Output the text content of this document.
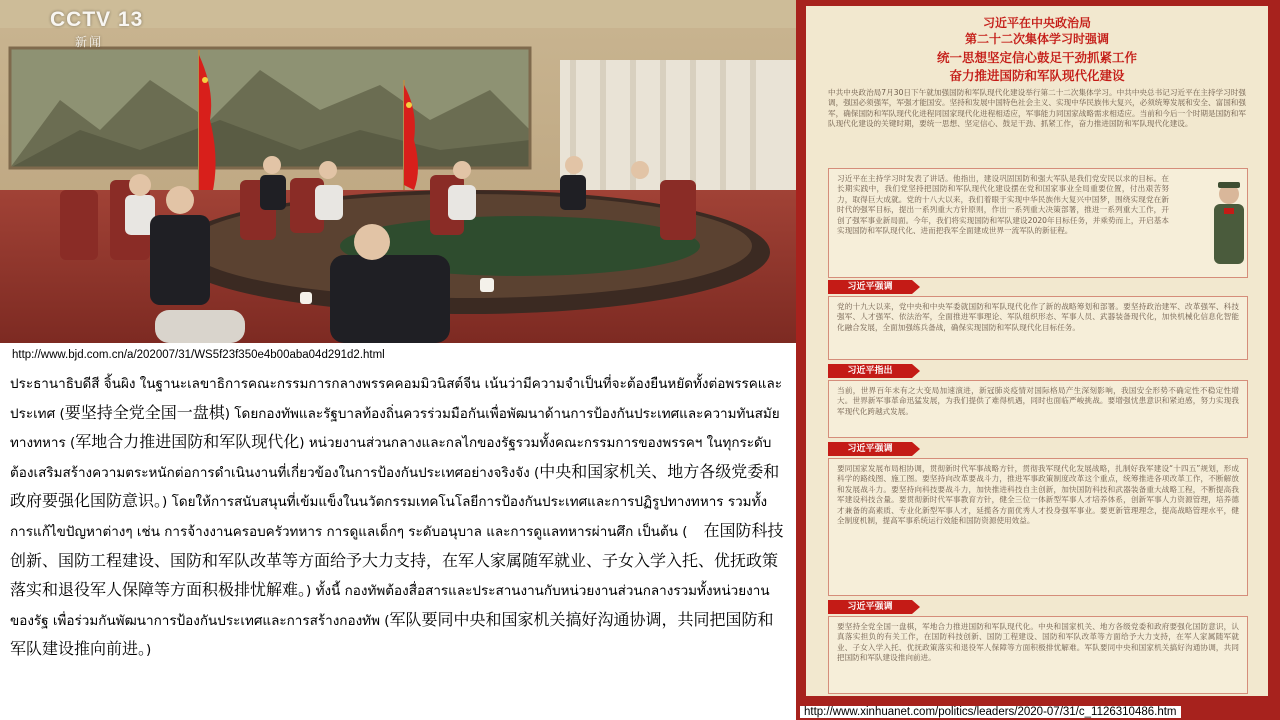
CCTV 13
新闻
http://www.bjd.com.cn/a/202007/31/WS5f23f350e4b00aba04d291d2.html
ประธานาธิบดีสี จิ้นผิง ในฐานะเลขาธิการคณะกรรมการกลางพรรคคอมมิวนิสต์จีน เน้นว่ามีความจำเป็นที่จะต้องยืนหยัดทั้งต่อพรรคและประเทศ (要坚持全党全国一盘棋) โดยกองทัพและรัฐบาลท้องถิ่นควรร่วมมือกันเพื่อพัฒนาด้านการป้องกันประเทศและความทันสมัยทางทหาร (军地合力推进国防和军队现代化) หน่วยงานส่วนกลางและกลไกของรัฐรวมทั้งคณะกรรมการของพรรคฯ ในทุกระดับต้องเสริมสร้างความตระหนักต่อการดำเนินงานที่เกี่ยวข้องในการป้องกันประเทศอย่างจริงจัง (中央和国家机关、地方各级党委和政府要强化国防意识。) โดยให้การสนับสนุนที่เข้มแข็งในนวัตกรรมเทคโนโลยีการป้องกันประเทศและการปฏิรูปทางทหาร รวมทั้งการแก้ไขปัญหาต่างๆ เช่น การจ้างงานครอบครัวทหาร การดูแลเด็กๆ ระดับอนุบาล และการดูแลทหารผ่านศึก เป็นต้น (　在国防科技创新、国防工程建设、国防和军队改革等方面给予大力支持，在军人家属随军就业、子女入学入托、优抚政策落实和退役军人保障等方面积极排忧解难。) ทั้งนี้ กองทัพต้องสื่อสารและประสานงานกับหน่วยงานส่วนกลางรวมทั้งหน่วยงานของรัฐ เพื่อร่วมกันพัฒนาการป้องกันประเทศและการสร้างกองทัพ (军队要同中央和国家机关搞好沟通协调，共同把国防和军队建设推向前进。)
习近平在中央政治局
第二十二次集体学习时强调
统一思想坚定信心鼓足干劲抓紧工作
奋力推进国防和军队现代化建设
中共中央政治局7月30日下午就加强国防和军队现代化建设举行第二十二次集体学习。中共中央总书记习近平在主持学习时强调，强国必须强军，军强才能国安。坚持和发展中国特色社会主义、实现中华民族伟大复兴，必须统筹发展和安全、富国和强军，确保国防和军队现代化进程同国家现代化进程相适应，军事能力同国家战略需求相适应。当前和今后一个时期是国防和军队现代化建设的关键时期，要统一思想、坚定信心、鼓足干劲、抓紧工作，奋力推进国防和军队现代化建设。
习近平在主持学习时发表了讲话。他指出，建设巩固国防和强大军队是我们党安民以求的目标。在长期实践中，我们党坚持把国防和军队现代化建设摆在党和国家事业全局重要位置，付出艰苦努力，取得巨大成就。党的十八大以来，我们着眼于实现中华民族伟大复兴中国梦，围绕实现党在新时代的强军目标，提出一系列重大方针原则，作出一系列重大决策部署，推进一系列重大工作，开创了强军事业新局面。今年，我们将实现国防和军队建设2020年目标任务，并乘势而上，开启基本实现国防和军队现代化、进而把我军全面建成世界一流军队的新征程。
习近平强调
党的十九大以来，党中央和中央军委就国防和军队现代化作了新的战略筹划和部署。要坚持政治建军、改革强军、科技强军、人才强军、依法治军，全面推进军事理论、军队组织形态、军事人员、武器装备现代化，加快机械化信息化智能化融合发展，全面加强练兵备战，确保实现国防和军队现代化目标任务。
习近平指出
当前，世界百年未有之大变局加速演进，新冠肺炎疫情对国际格局产生深刻影响，我国安全形势不确定性不稳定性增大。世界新军事革命迅猛发展，为我们提供了难得机遇，同时也面临严峻挑战。要增强忧患意识和紧迫感，努力实现我军现代化跨越式发展。
习近平强调
要同国家发展布局相协调，贯彻新时代军事战略方针，贯彻我军现代化发展战略，扎制好我军建设“十四五”规划，形成科学的路线图、施工图。要坚持向改革要战斗力，推进军事政策制度改革这个重点，统筹推进各项改革工作，不断解放和发展战斗力。要坚持向科技要战斗力，加快推进科技自主创新，加快国防科技和武器装备重大战略工程，不断提高我军建设科技含量。要贯彻新时代军事教育方针，健全三位一体新型军事人才培养体系，创新军事人力资源管理，培养德才兼备的高素质、专业化新型军事人才，延揽各方面优秀人才投身强军事业。要更新管理理念，提高战略管理水平，健全制度机制，提高军事系统运行效能和国防资源使用效益。
习近平强调
要坚持全党全国一盘棋，军地合力推进国防和军队现代化。中央和国家机关、地方各级党委和政府要强化国防意识，认真落实担负的有关工作，在国防科技创新、国防工程建设、国防和军队改革等方面给予大力支持，在军人家属随军就业、子女入学入托、优抚政策落实和退役军人保障等方面积极排忧解难。军队要同中央和国家机关搞好沟通协调，共同把国防和军队建设推向前进。
http://www.xinhuanet.com/politics/leaders/2020-07/31/c_1126310486.htm
